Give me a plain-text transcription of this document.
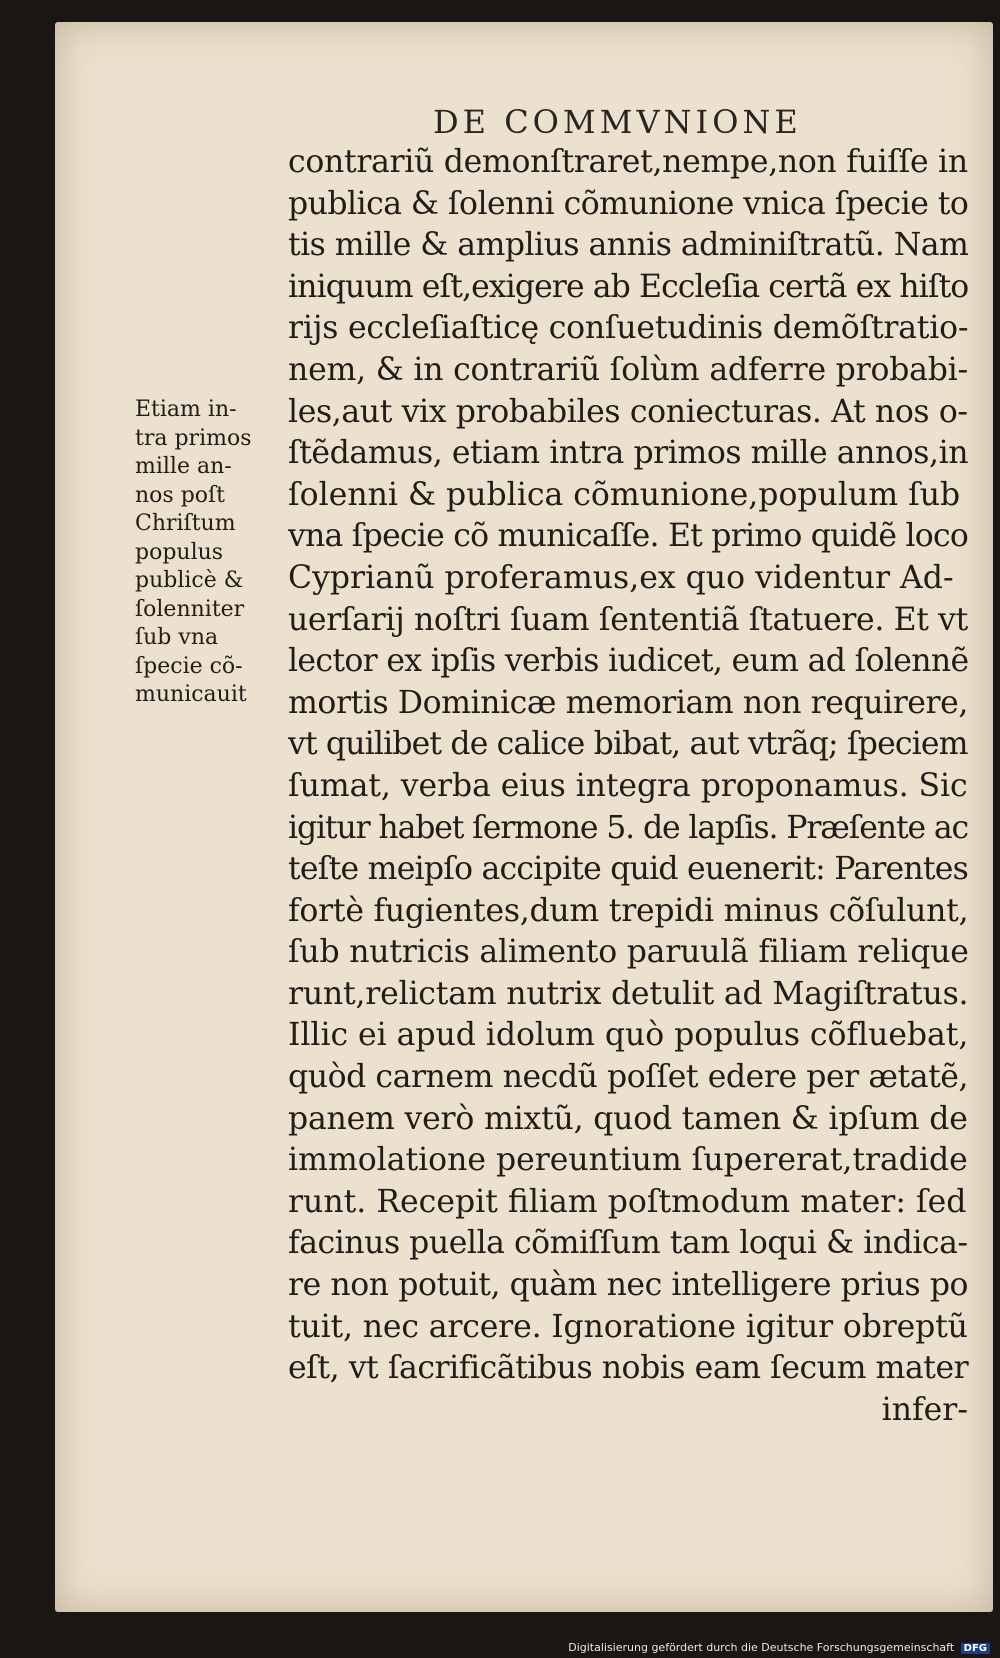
DE COMMVNIONE
contrariũ demonſtraret,nempe,non fuiſſe in
publica & ſolenni cõmunione vnica ſpecie to
tis mille & amplius annis adminiſtratũ. Nam
iniquum eſt,exigere ab Eccleſia certã ex hiſto
rijs eccleſiaſticę conſuetudinis demõſtratio-
nem, & in contrariũ ſolùm adferre probabi-
les,aut vix probabiles coniecturas. At nos o-
ſtẽdamus, etiam intra primos mille annos,in
ſolenni & publica cõmunione,populum ſub
vna ſpecie cõ municaſſe. Et primo quidẽ loco
Cyprianũ proferamus,ex quo videntur Ad-
uerſarij noſtri ſuam ſententiã ſtatuere. Et vt
lector ex ipſis verbis iudicet, eum ad ſolennẽ
mortis Dominicæ memoriam non requirere,
vt quilibet de calice bibat, aut vtrãq; ſpeciem
ſumat, verba eius integra proponamus. Sic
igitur habet ſermone 5. de lapſis. Præſente ac
teſte meipſo accipite quid euenerit: Parentes
fortè fugientes,dum trepidi minus cõſulunt,
ſub nutricis alimento paruulã filiam relique
runt,relictam nutrix detulit ad Magiſtratus.
Illic ei apud idolum quò populus cõfluebat,
quòd carnem necdũ poſſet edere per ætatẽ,
panem verò mixtũ, quod tamen & ipſum de
immolatione pereuntium ſupererat,tradide
runt. Recepit filiam poſtmodum mater: ſed
facinus puella cõmiſſum tam loqui & indica-
re non potuit, quàm nec intelligere prius po
tuit, nec arcere. Ignoratione igitur obreptũ
eſt, vt ſacrificãtibus nobis eam ſecum mater
infer-
Etiam in-
tra primos
mille an-
nos poſt
Chriſtum
populus
publicè &
ſolenniter
ſub vna
ſpecie cõ-
municauit
Digitalisierung gefördert durch die Deutsche Forschungsgemeinschaft DFG
